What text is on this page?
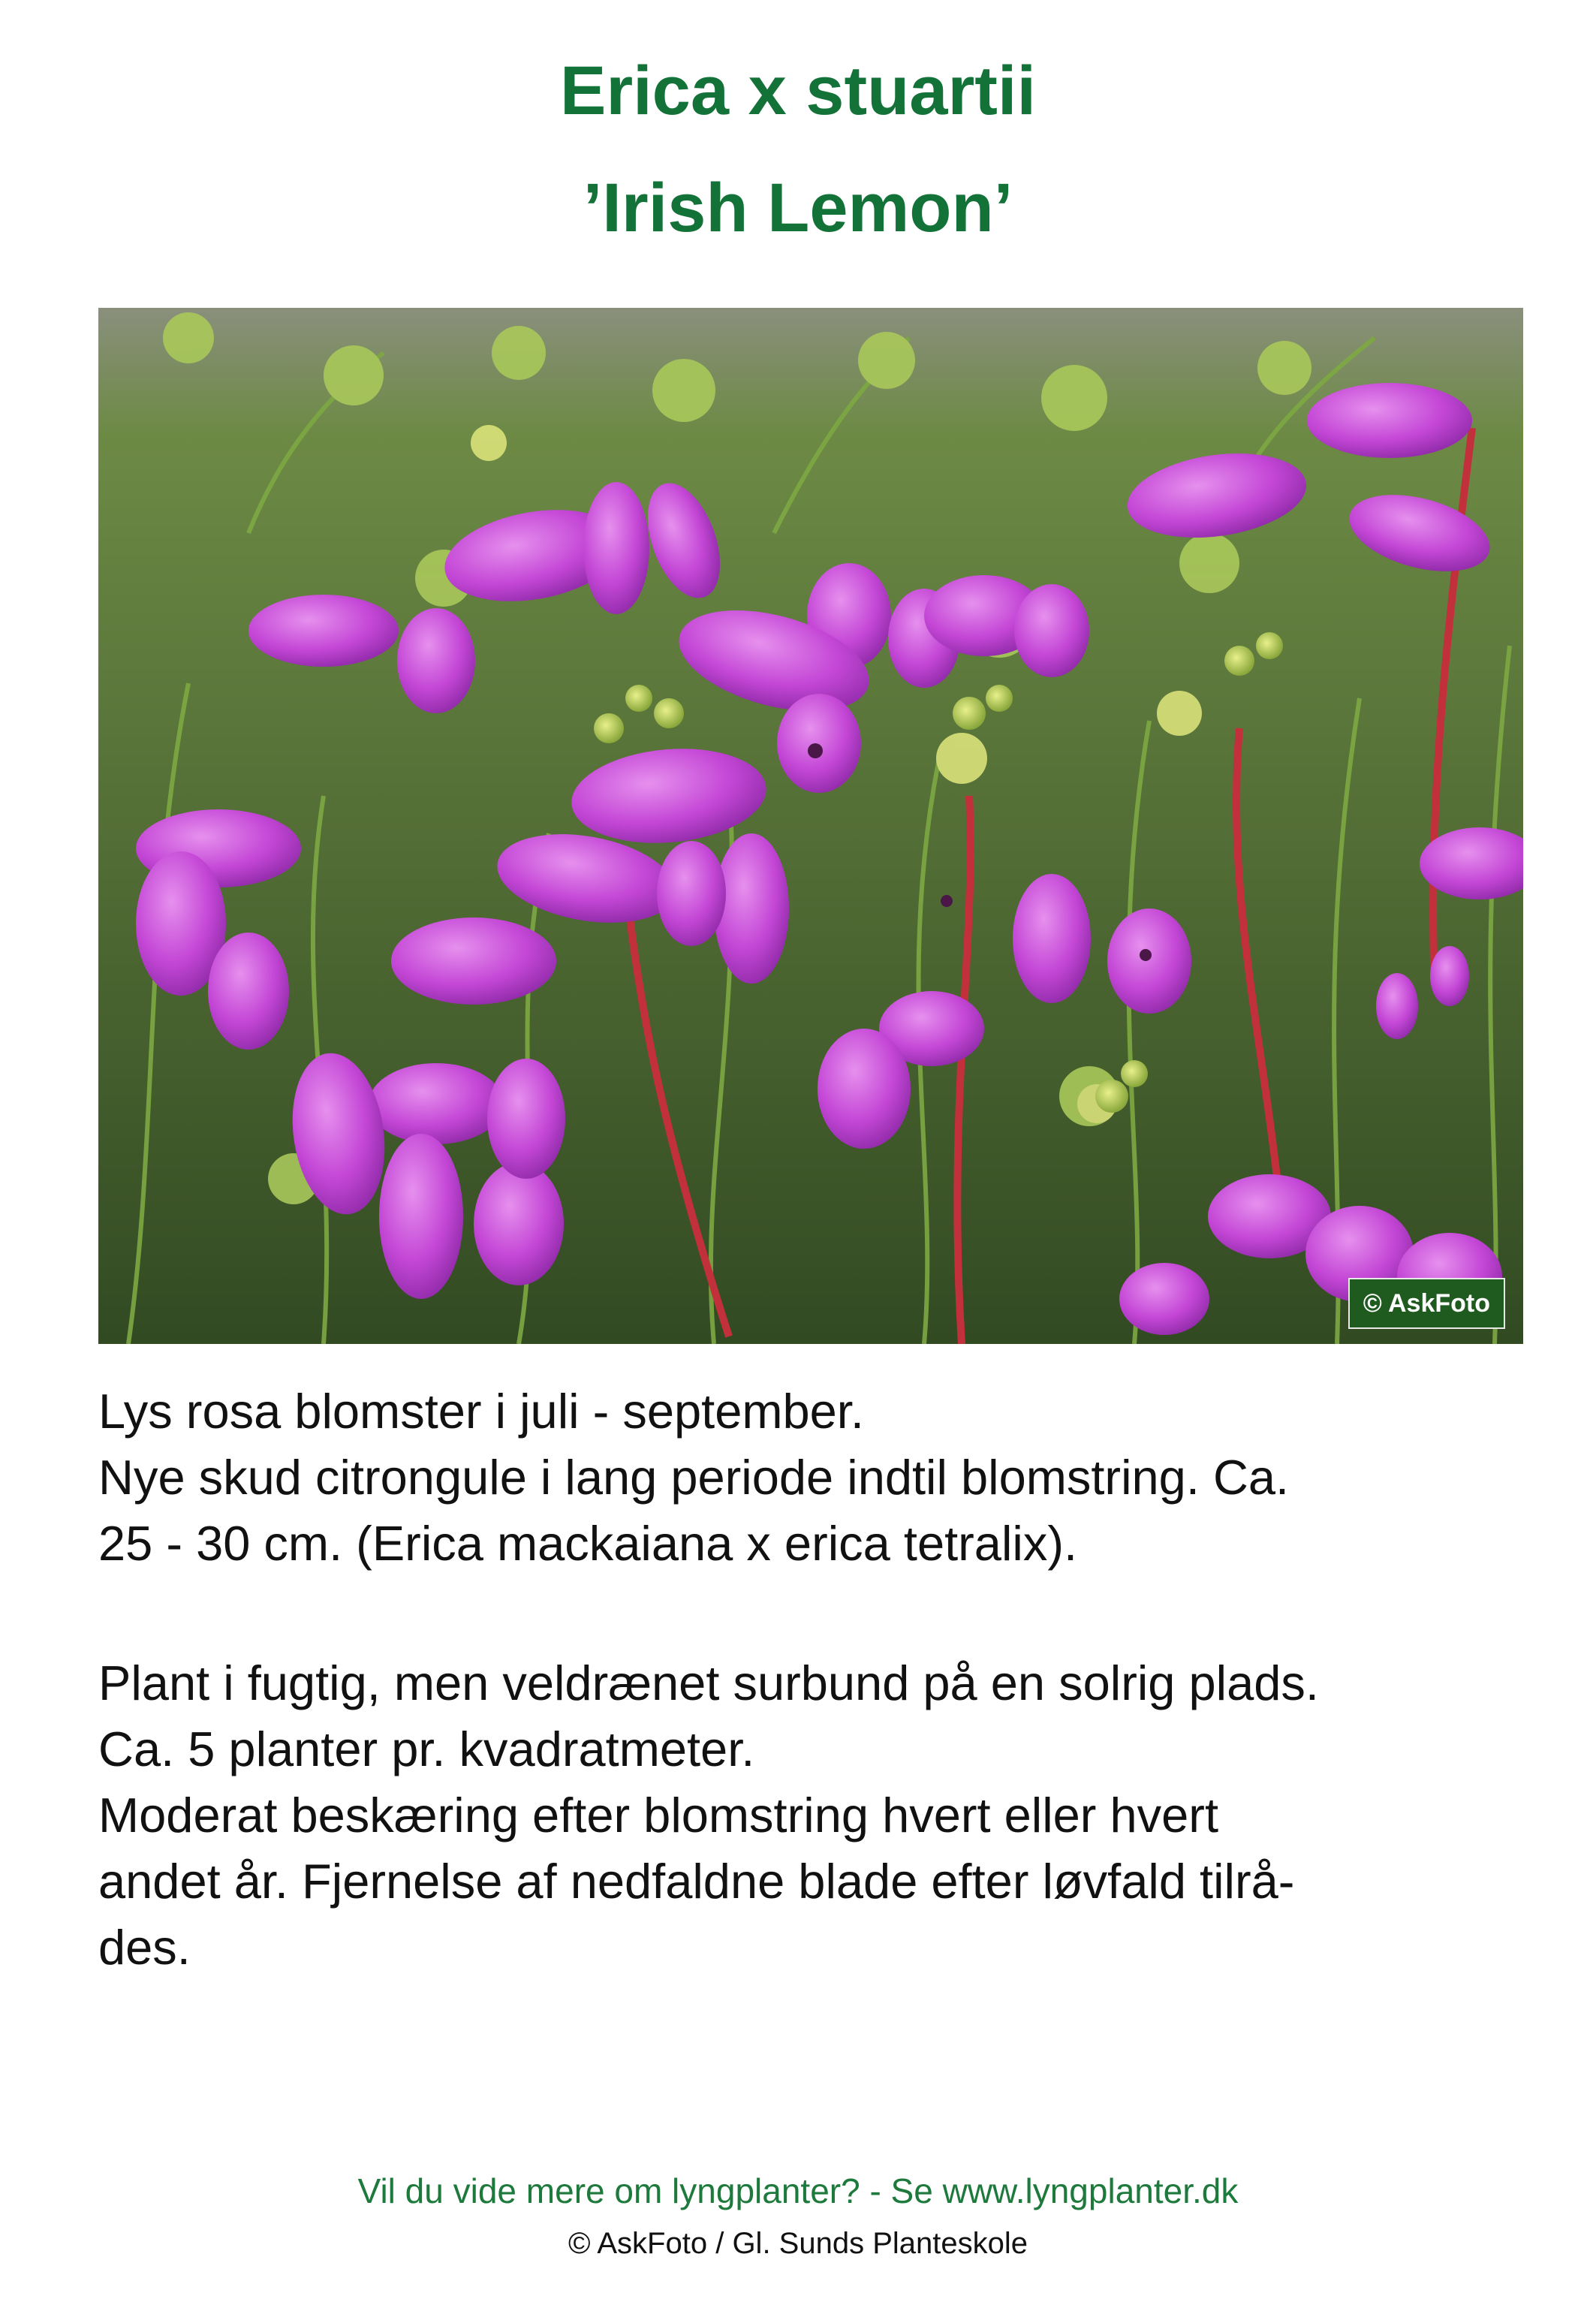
Erica x stuartii
’Irish Lemon’
© AskFoto

Lys rosa blomster i juli - september.

Nye skud citrongule i lang periode indtil blomstring. Ca.

25 - 30 cm. (Erica mackaiana x erica tetralix).

Plant i fugtig, men veldrænet surbund på en solrig plads.

Ca. 5 planter pr. kvadratmeter.

Moderat beskæring efter blomstring hvert eller hvert

andet år. Fjernelse af nedfaldne blade efter løvfald tilrå-

des.

Vil du vide mere om lyngplanter? - Se www.lyngplanter.dk
© AskFoto / Gl. Sunds Planteskole
